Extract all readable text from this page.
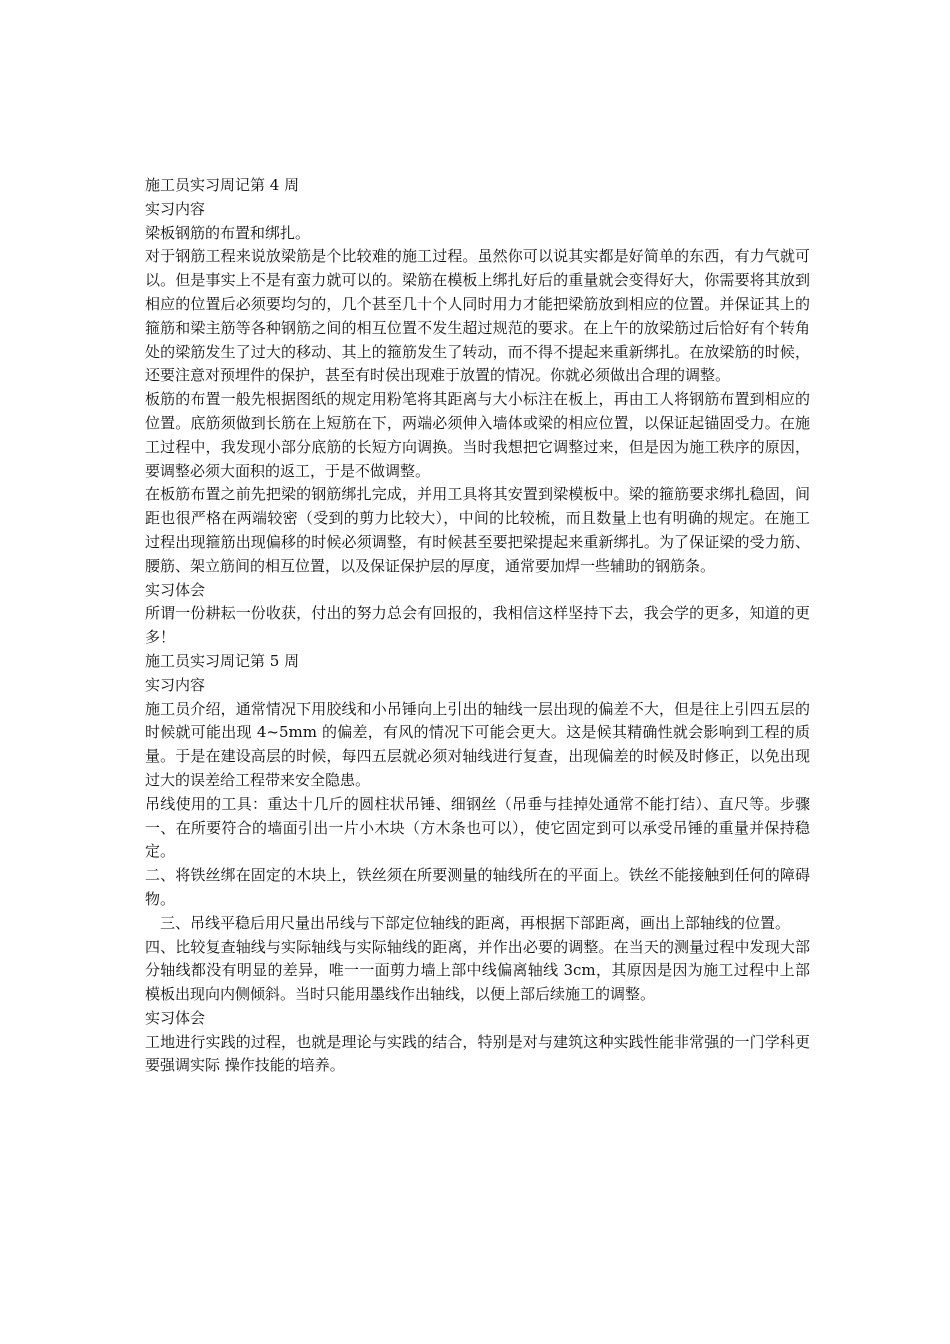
施工员实习周记第 4 周

实习内容

梁板钢筋的布置和绑扎。

对于钢筋工程来说放梁筋是个比较难的施工过程。虽然你可以说其实都是好简单的东西，有力气就可以。但是事实上不是有蛮力就可以的。梁筋在模板上绑扎好后的重量就会变得好大，你需要将其放到相应的位置后必须要均匀的，几个甚至几十个人同时用力才能把梁筋放到相应的位置。并保证其上的箍筋和梁主筋等各种钢筋之间的相互位置不发生超过规范的要求。在上午的放梁筋过后恰好有个转角处的梁筋发生了过大的移动、其上的箍筋发生了转动，而不得不提起来重新绑扎。在放梁筋的时候，还要注意对预埋件的保护，甚至有时侯出现难于放置的情况。你就必须做出合理的调整。

板筋的布置一般先根据图纸的规定用粉笔将其距离与大小标注在板上，再由工人将钢筋布置到相应的位置。底筋须做到长筋在上短筋在下，两端必须伸入墙体或梁的相应位置，以保证起锚固受力。在施工过程中，我发现小部分底筋的长短方向调换。当时我想把它调整过来，但是因为施工秩序的原因，要调整必须大面积的返工，于是不做调整。

在板筋布置之前先把梁的钢筋绑扎完成，并用工具将其安置到梁模板中。梁的箍筋要求绑扎稳固，间距也很严格在两端较密（受到的剪力比较大），中间的比较梳，而且数量上也有明确的规定。在施工过程出现箍筋出现偏移的时候必须调整，有时候甚至要把梁提起来重新绑扎。为了保证梁的受力筋、腰筋、架立筋间的相互位置，以及保证保护层的厚度，通常要加焊一些辅助的钢筋条。

实习体会

所谓一份耕耘一份收获，付出的努力总会有回报的，我相信这样坚持下去，我会学的更多，知道的更多！

施工员实习周记第 5 周

实习内容

施工员介绍，通常情况下用胶线和小吊锤向上引出的轴线一层出现的偏差不大，但是往上引四五层的时候就可能出现 4~5mm 的偏差，有风的情况下可能会更大。这是候其精确性就会影响到工程的质量。于是在建设高层的时候，每四五层就必须对轴线进行复查，出现偏差的时候及时修正，以免出现过大的误差给工程带来安全隐患。

吊线使用的工具：重达十几斤的圆柱状吊锤、细钢丝（吊垂与挂掉处通常不能打结）、直尺等。步骤一、在所要符合的墙面引出一片小木块（方木条也可以），使它固定到可以承受吊锤的重量并保持稳定。

二、将铁丝绑在固定的木块上，铁丝须在所要测量的轴线所在的平面上。铁丝不能接触到任何的障碍物。

三、吊线平稳后用尺量出吊线与下部定位轴线的距离，再根据下部距离，画出上部轴线的位置。

四、比较复查轴线与实际轴线与实际轴线的距离，并作出必要的调整。在当天的测量过程中发现大部分轴线都没有明显的差异，唯一一面剪力墙上部中线偏离轴线 3cm，其原因是因为施工过程中上部模板出现向内侧倾斜。当时只能用墨线作出轴线，以便上部后续施工的调整。

实习体会

工地进行实践的过程，也就是理论与实践的结合，特别是对与建筑这种实践性能非常强的一门学科更要强调实际 操作技能的培养。
